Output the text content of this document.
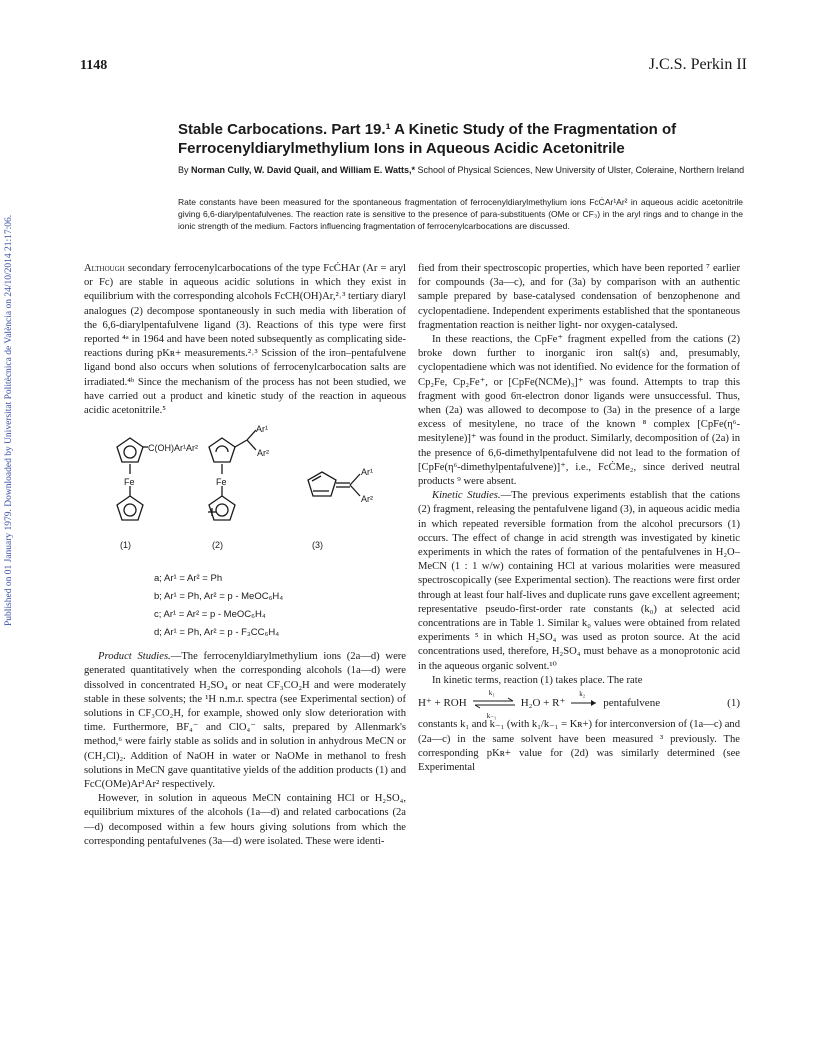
1148	J.C.S. Perkin II
Published on 01 January 1979. Downloaded by Universitat Politècnica de València on 24/10/2014 21:17:06.
Stable Carbocations. Part 19.¹ A Kinetic Study of the Fragmentation of Ferrocenyldiarylmethylium Ions in Aqueous Acidic Acetonitrile
By Norman Cully, W. David Quail, and William E. Watts,* School of Physical Sciences, New University of Ulster, Coleraine, Northern Ireland
Rate constants have been measured for the spontaneous fragmentation of ferrocenyldiarylmethylium ions FcĊAr¹Ar² in aqueous acidic acetonitrile giving 6,6-diarylpentafulvenes. The reaction rate is sensitive to the presence of para-substituents (OMe or CF₃) in the aryl rings and to change in the ionic strength of the medium. Factors influencing fragmentation of ferrocenylcarbocations are discussed.

Although secondary ferrocenylcarbocations of the type FcĊHAr (Ar = aryl or Fc) are stable in aqueous acidic solutions in which they exist in equilibrium with the corresponding alcohols FcCH(OH)Ar,²˒³ tertiary diaryl analogues (2) decompose spontaneously in such media with liberation of the 6,6-diarylpentafulvene ligand (3). Reactions of this type were first reported ⁴ᵃ in 1964 and have been noted subsequently as complicating side-reactions during pKʀ+ measurements.²˒³ Scission of the iron–pentafulvene ligand bond also occurs when solutions of ferrocenylcarbocation salts are irradiated.⁴ᵇ Since the mechanism of the process has not been studied, we have carried out a product and kinetic study of the reaction in aqueous acidic acetonitrile.⁵

C(OH)Ar¹Ar²
Fe
Ar¹
Ar²
Fe
Ar¹
Ar²
(1)	(2)	(3)
a; Ar¹ = Ar² = Ph
b; Ar¹ = Ph, Ar² = p - MeOC₆H₄
c; Ar¹ = Ar² = p - MeOC₆H₄
d; Ar¹ = Ph, Ar² = p - F₃CC₆H₄

Product Studies.—The ferrocenyldiarylmethylium ions (2a—d) were generated quantitatively when the corresponding alcohols (1a—d) were dissolved in concentrated H₂SO₄ or neat CF₃CO₂H and were moderately stable in these solvents; the ¹H n.m.r. spectra (see Experimental section) of solutions in CF₃CO₂H, for example, showed only slow deterioration with time. Furthermore, BF₄⁻ and ClO₄⁻ salts, prepared by Allenmark's method,⁶ were fairly stable as solids and in solution in anhydrous MeCN or (CH₂Cl)₂. Addition of NaOH in water or NaOMe in methanol to fresh solutions in MeCN gave quantitative yields of the addition products (1) and FcC(OMe)Ar¹Ar² respectively.

However, in solution in aqueous MeCN containing HCl or H₂SO₄, equilibrium mixtures of the alcohols (1a—d) and related carbocations (2a—d) decomposed within a few hours giving solutions from which the corresponding pentafulvenes (3a—d) were isolated. These were identi-

fied from their spectroscopic properties, which have been reported ⁷ earlier for compounds (3a—c), and for (3a) by comparison with an authentic sample prepared by base-catalysed condensation of benzophenone and cyclopentadiene. Independent experiments established that the spontaneous fragmentation reaction is neither light- nor oxygen-catalysed.

In these reactions, the CpFe⁺ fragment expelled from the cations (2) broke down further to inorganic iron salt(s) and, presumably, cyclopentadiene which was not identified. No evidence for the formation of Cp₂Fe, Cp₂Fe⁺, or [CpFe(NCMe)₃]⁺ was found. Attempts to trap this fragment with good 6π-electron donor ligands were unsuccessful. Thus, when (2a) was allowed to decompose to (3a) in the presence of a large excess of mesitylene, no trace of the known ⁸ complex [CpFe(η⁶-mesitylene)]⁺ was found in the product. Similarly, decomposition of (2a) in the presence of 6,6-dimethylpentafulvene did not lead to the formation of [CpFe(η⁶-dimethylpentafulvene)]⁺, i.e., FcĊMe₂, since derived neutral products ⁹ were absent.

Kinetic Studies.—The previous experiments establish that the cations (2) fragment, releasing the pentafulvene ligand (3), in aqueous acidic media in which repeated reversible formation from the alcohol precursors (1) occurs. The effect of change in acid strength was investigated by kinetic experiments in which the rates of formation of the pentafulvenes in H₂O–MeCN (1 : 1 w/w) containing HCl at various molarities were measured spectroscopically (see Experimental section). The reactions were first order through at least four half-lives and duplicate runs gave excellent agreement; representative pseudo-first-order rate constants (k₀) at selected acid concentrations are in Table 1. Similar k₀ values were obtained from related experiments ⁵ in which H₂SO₄ was used as proton source. At the acid concentrations used, therefore, H₂SO₄ must behave as a monoprotonic acid in the aqueous organic solvent.¹⁰

In kinetic terms, reaction (1) takes place. The rate

H⁺ + ROH
k₁
k₋₁
H₂O + R⁺
k₂
pentafulvene	(1)

constants k₁ and k₋₁ (with k₁/k₋₁ = Kʀ+) for interconversion of (1a—c) and (2a—c) in the same solvent have been measured ³ previously. The corresponding pKʀ+ value for (2d) was similarly determined (see Experimental
